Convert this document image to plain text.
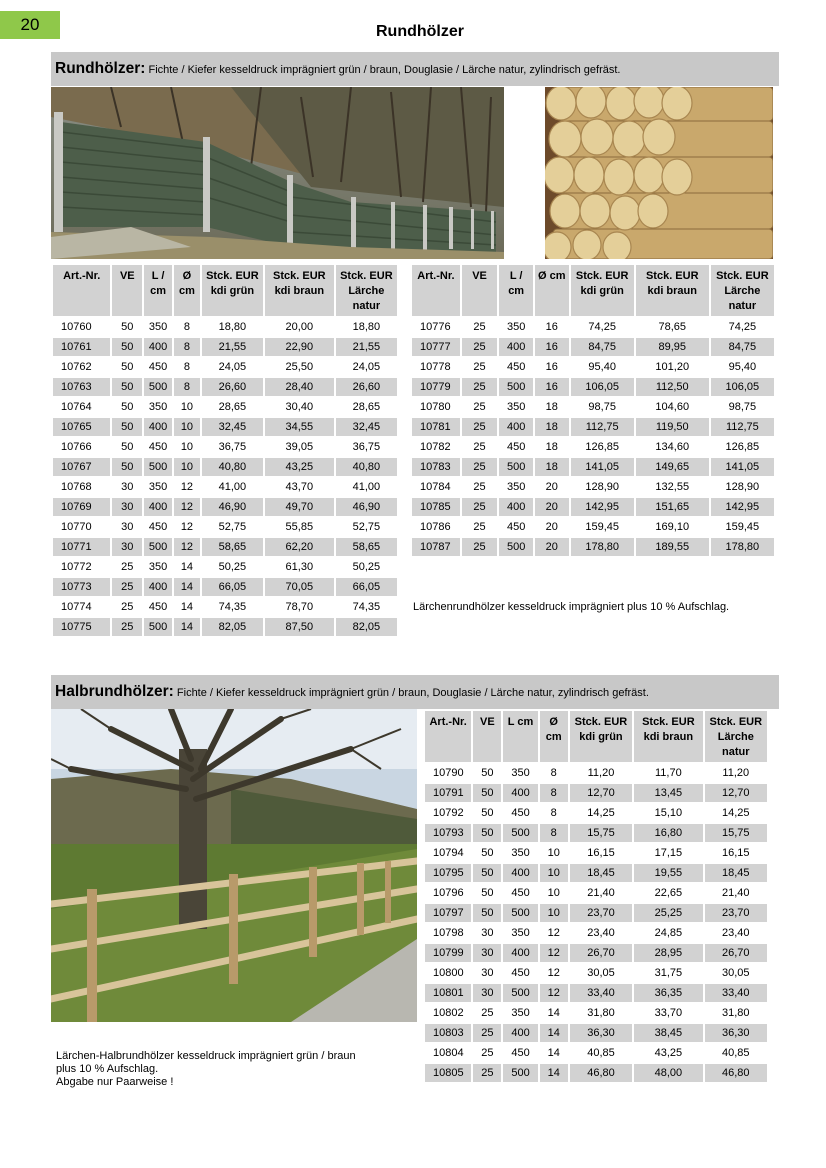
20	Rundhölzer
Rundhölzer: Fichte / Kiefer kesseldruck imprägniert grün / braun, Douglasie / Lärche natur, zylindrisch gefräst.
Art.-Nr.	VE	L / cm	Ø cm	Stck. EUR kdi grün	Stck. EUR kdi braun	Stck. EUR Lärche natur
10760	50	350	8	18,80	20,00	18,80
10761	50	400	8	21,55	22,90	21,55
10762	50	450	8	24,05	25,50	24,05
10763	50	500	8	26,60	28,40	26,60
10764	50	350	10	28,65	30,40	28,65
10765	50	400	10	32,45	34,55	32,45
10766	50	450	10	36,75	39,05	36,75
10767	50	500	10	40,80	43,25	40,80
10768	30	350	12	41,00	43,70	41,00
10769	30	400	12	46,90	49,70	46,90
10770	30	450	12	52,75	55,85	52,75
10771	30	500	12	58,65	62,20	58,65
10772	25	350	14	50,25	61,30	50,25
10773	25	400	14	66,05	70,05	66,05
10774	25	450	14	74,35	78,70	74,35
10775	25	500	14	82,05	87,50	82,05
Art.-Nr.	VE	L / cm	Ø cm	Stck. EUR kdi grün	Stck. EUR kdi braun	Stck. EUR Lärche natur
10776	25	350	16	74,25	78,65	74,25
10777	25	400	16	84,75	89,95	84,75
10778	25	450	16	95,40	101,20	95,40
10779	25	500	16	106,05	112,50	106,05
10780	25	350	18	98,75	104,60	98,75
10781	25	400	18	112,75	119,50	112,75
10782	25	450	18	126,85	134,60	126,85
10783	25	500	18	141,05	149,65	141,05
10784	25	350	20	128,90	132,55	128,90
10785	25	400	20	142,95	151,65	142,95
10786	25	450	20	159,45	169,10	159,45
10787	25	500	20	178,80	189,55	178,80
Lärchenrundhölzer kesseldruck imprägniert plus 10 % Aufschlag.
Halbrundhölzer: Fichte / Kiefer kesseldruck imprägniert grün / braun, Douglasie / Lärche natur, zylindrisch gefräst.
Art.-Nr.	VE	L cm	Ø cm	Stck. EUR kdi grün	Stck. EUR kdi braun	Stck. EUR Lärche natur
10790	50	350	8	11,20	11,70	11,20
10791	50	400	8	12,70	13,45	12,70
10792	50	450	8	14,25	15,10	14,25
10793	50	500	8	15,75	16,80	15,75
10794	50	350	10	16,15	17,15	16,15
10795	50	400	10	18,45	19,55	18,45
10796	50	450	10	21,40	22,65	21,40
10797	50	500	10	23,70	25,25	23,70
10798	30	350	12	23,40	24,85	23,40
10799	30	400	12	26,70	28,95	26,70
10800	30	450	12	30,05	31,75	30,05
10801	30	500	12	33,40	36,35	33,40
10802	25	350	14	31,80	33,70	31,80
10803	25	400	14	36,30	38,45	36,30
10804	25	450	14	40,85	43,25	40,85
10805	25	500	14	46,80	48,00	46,80
Lärchen-Halbrundhölzer kesseldruck imprägniert grün / braun
plus 10 % Aufschlag.
Abgabe nur Paarweise !
